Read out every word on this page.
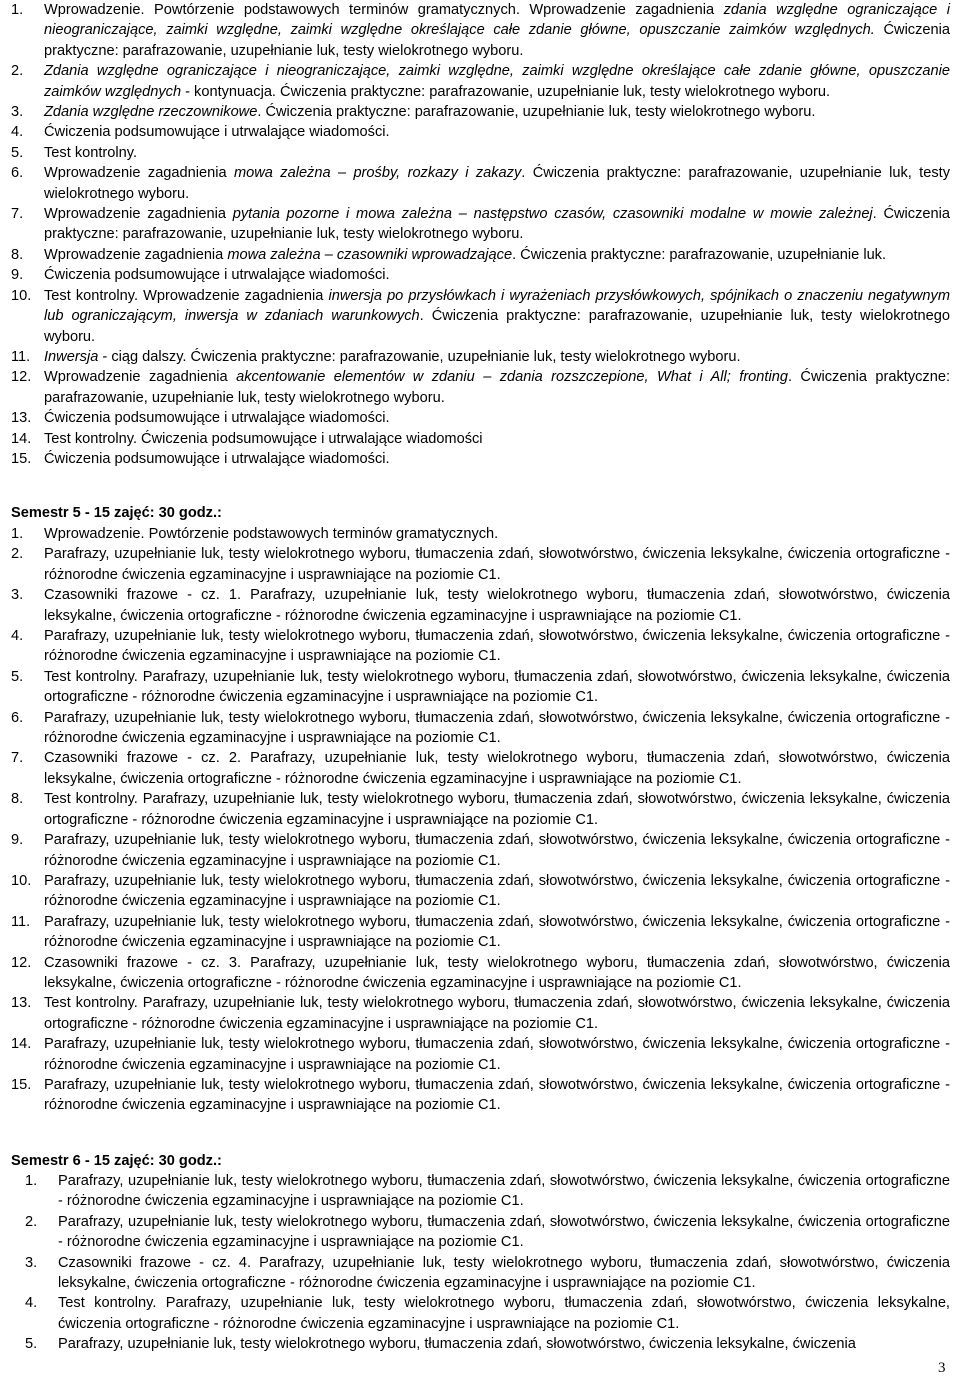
1. Wprowadzenie. Powtórzenie podstawowych terminów gramatycznych. Wprowadzenie zagadnienia zdania względne ograniczające i nieograniczające, zaimki względne, zaimki względne określające całe zdanie główne, opuszczanie zaimków względnych. Ćwiczenia praktyczne: parafrazowanie, uzupełnianie luk, testy wielokrotnego wyboru.
2. Zdania względne ograniczające i nieograniczające, zaimki względne, zaimki względne określające całe zdanie główne, opuszczanie zaimków względnych - kontynuacja. Ćwiczenia praktyczne: parafrazowanie, uzupełnianie luk, testy wielokrotnego wyboru.
3. Zdania względne rzeczownikowe. Ćwiczenia praktyczne: parafrazowanie, uzupełnianie luk, testy wielokrotnego wyboru.
4. Ćwiczenia podsumowujące i utrwalające wiadomości.
5. Test kontrolny.
6. Wprowadzenie zagadnienia mowa zależna – prośby, rozkazy i zakazy. Ćwiczenia praktyczne: parafrazowanie, uzupełnianie luk, testy wielokrotnego wyboru.
7. Wprowadzenie zagadnienia pytania pozorne i mowa zależna – następstwo czasów, czasowniki modalne w mowie zależnej. Ćwiczenia praktyczne: parafrazowanie, uzupełnianie luk, testy wielokrotnego wyboru.
8. Wprowadzenie zagadnienia mowa zależna – czasowniki wprowadzające. Ćwiczenia praktyczne: parafrazowanie, uzupełnianie luk.
9. Ćwiczenia podsumowujące i utrwalające wiadomości.
10. Test kontrolny. Wprowadzenie zagadnienia inwersja po przysłówkach i wyrażeniach przysłówkowych, spójnikach o znaczeniu negatywnym lub ograniczającym, inwersja w zdaniach warunkowych. Ćwiczenia praktyczne: parafrazowanie, uzupełnianie luk, testy wielokrotnego wyboru.
11. Inwersja - ciąg dalszy. Ćwiczenia praktyczne: parafrazowanie, uzupełnianie luk, testy wielokrotnego wyboru.
12. Wprowadzenie zagadnienia akcentowanie elementów w zdaniu – zdania rozszczepione, What i All; fronting. Ćwiczenia praktyczne: parafrazowanie, uzupełnianie luk, testy wielokrotnego wyboru.
13. Ćwiczenia podsumowujące i utrwalające wiadomości.
14. Test kontrolny. Ćwiczenia podsumowujące i utrwalające wiadomości
15. Ćwiczenia podsumowujące i utrwalające wiadomości.
Semestr 5 - 15 zajęć: 30 godz.:
1. Wprowadzenie. Powtórzenie podstawowych terminów gramatycznych.
2. Parafrazy, uzupełnianie luk, testy wielokrotnego wyboru, tłumaczenia zdań, słowotwórstwo, ćwiczenia leksykalne, ćwiczenia ortograficzne - różnorodne ćwiczenia egzaminacyjne i usprawniające na poziomie C1.
3. Czasowniki frazowe - cz. 1. Parafrazy, uzupełnianie luk, testy wielokrotnego wyboru, tłumaczenia zdań, słowotwórstwo, ćwiczenia leksykalne, ćwiczenia ortograficzne - różnorodne ćwiczenia egzaminacyjne i usprawniające na poziomie C1.
4. Parafrazy, uzupełnianie luk, testy wielokrotnego wyboru, tłumaczenia zdań, słowotwórstwo, ćwiczenia leksykalne, ćwiczenia ortograficzne - różnorodne ćwiczenia egzaminacyjne i usprawniające na poziomie C1.
5. Test kontrolny. Parafrazy, uzupełnianie luk, testy wielokrotnego wyboru, tłumaczenia zdań, słowotwórstwo, ćwiczenia leksykalne, ćwiczenia ortograficzne - różnorodne ćwiczenia egzaminacyjne i usprawniające na poziomie C1.
6. Parafrazy, uzupełnianie luk, testy wielokrotnego wyboru, tłumaczenia zdań, słowotwórstwo, ćwiczenia leksykalne, ćwiczenia ortograficzne - różnorodne ćwiczenia egzaminacyjne i usprawniające na poziomie C1.
7. Czasowniki frazowe - cz. 2. Parafrazy, uzupełnianie luk, testy wielokrotnego wyboru, tłumaczenia zdań, słowotwórstwo, ćwiczenia leksykalne, ćwiczenia ortograficzne - różnorodne ćwiczenia egzaminacyjne i usprawniające na poziomie C1.
8. Test kontrolny. Parafrazy, uzupełnianie luk, testy wielokrotnego wyboru, tłumaczenia zdań, słowotwórstwo, ćwiczenia leksykalne, ćwiczenia ortograficzne - różnorodne ćwiczenia egzaminacyjne i usprawniające na poziomie C1.
9. Parafrazy, uzupełnianie luk, testy wielokrotnego wyboru, tłumaczenia zdań, słowotwórstwo, ćwiczenia leksykalne, ćwiczenia ortograficzne - różnorodne ćwiczenia egzaminacyjne i usprawniające na poziomie C1.
10. Parafrazy, uzupełnianie luk, testy wielokrotnego wyboru, tłumaczenia zdań, słowotwórstwo, ćwiczenia leksykalne, ćwiczenia ortograficzne - różnorodne ćwiczenia egzaminacyjne i usprawniające na poziomie C1.
11. Parafrazy, uzupełnianie luk, testy wielokrotnego wyboru, tłumaczenia zdań, słowotwórstwo, ćwiczenia leksykalne, ćwiczenia ortograficzne - różnorodne ćwiczenia egzaminacyjne i usprawniające na poziomie C1.
12. Czasowniki frazowe - cz. 3. Parafrazy, uzupełnianie luk, testy wielokrotnego wyboru, tłumaczenia zdań, słowotwórstwo, ćwiczenia leksykalne, ćwiczenia ortograficzne - różnorodne ćwiczenia egzaminacyjne i usprawniające na poziomie C1.
13. Test kontrolny. Parafrazy, uzupełnianie luk, testy wielokrotnego wyboru, tłumaczenia zdań, słowotwórstwo, ćwiczenia leksykalne, ćwiczenia ortograficzne - różnorodne ćwiczenia egzaminacyjne i usprawniające na poziomie C1.
14. Parafrazy, uzupełnianie luk, testy wielokrotnego wyboru, tłumaczenia zdań, słowotwórstwo, ćwiczenia leksykalne, ćwiczenia ortograficzne - różnorodne ćwiczenia egzaminacyjne i usprawniające na poziomie C1.
15. Parafrazy, uzupełnianie luk, testy wielokrotnego wyboru, tłumaczenia zdań, słowotwórstwo, ćwiczenia leksykalne, ćwiczenia ortograficzne - różnorodne ćwiczenia egzaminacyjne i usprawniające na poziomie C1.
Semestr 6 - 15 zajęć: 30 godz.:
1. Parafrazy, uzupełnianie luk, testy wielokrotnego wyboru, tłumaczenia zdań, słowotwórstwo, ćwiczenia leksykalne, ćwiczenia ortograficzne - różnorodne ćwiczenia egzaminacyjne i usprawniające na poziomie C1.
2. Parafrazy, uzupełnianie luk, testy wielokrotnego wyboru, tłumaczenia zdań, słowotwórstwo, ćwiczenia leksykalne, ćwiczenia ortograficzne - różnorodne ćwiczenia egzaminacyjne i usprawniające na poziomie C1.
3. Czasowniki frazowe - cz. 4. Parafrazy, uzupełnianie luk, testy wielokrotnego wyboru, tłumaczenia zdań, słowotwórstwo, ćwiczenia leksykalne, ćwiczenia ortograficzne - różnorodne ćwiczenia egzaminacyjne i usprawniające na poziomie C1.
4. Test kontrolny. Parafrazy, uzupełnianie luk, testy wielokrotnego wyboru, tłumaczenia zdań, słowotwórstwo, ćwiczenia leksykalne, ćwiczenia ortograficzne - różnorodne ćwiczenia egzaminacyjne i usprawniające na poziomie C1.
5. Parafrazy, uzupełnianie luk, testy wielokrotnego wyboru, tłumaczenia zdań, słowotwórstwo, ćwiczenia leksykalne, ćwiczenia
3
